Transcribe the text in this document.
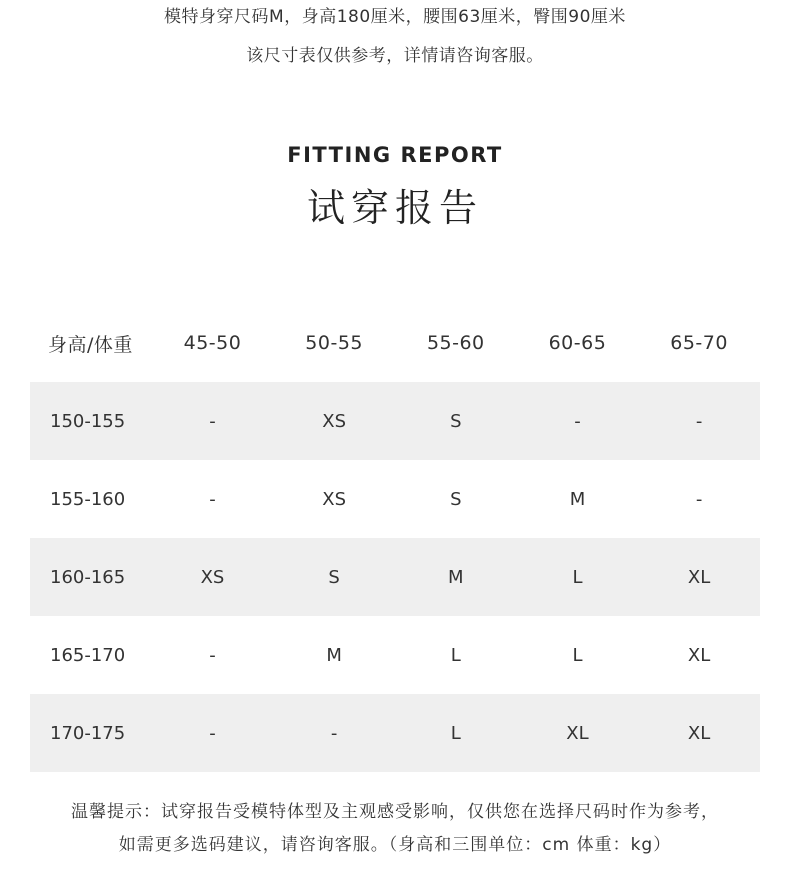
模特身穿尺码M，身高180厘米，腰围63厘米，臀围90厘米
该尺寸表仅供参考，详情请咨询客服。
FITTING REPORT
试穿报告
身高/体重	45-50	50-55	55-60	60-65	65-70
150-155	-	XS	S	-	-
155-160	-	XS	S	M	-
160-165	XS	S	M	L	XL
165-170	-	M	L	L	XL
170-175	-	-	L	XL	XL
温馨提示：试穿报告受模特体型及主观感受影响，仅供您在选择尺码时作为参考，
如需更多选码建议，请咨询客服。（身高和三围单位：cm 体重：kg）
